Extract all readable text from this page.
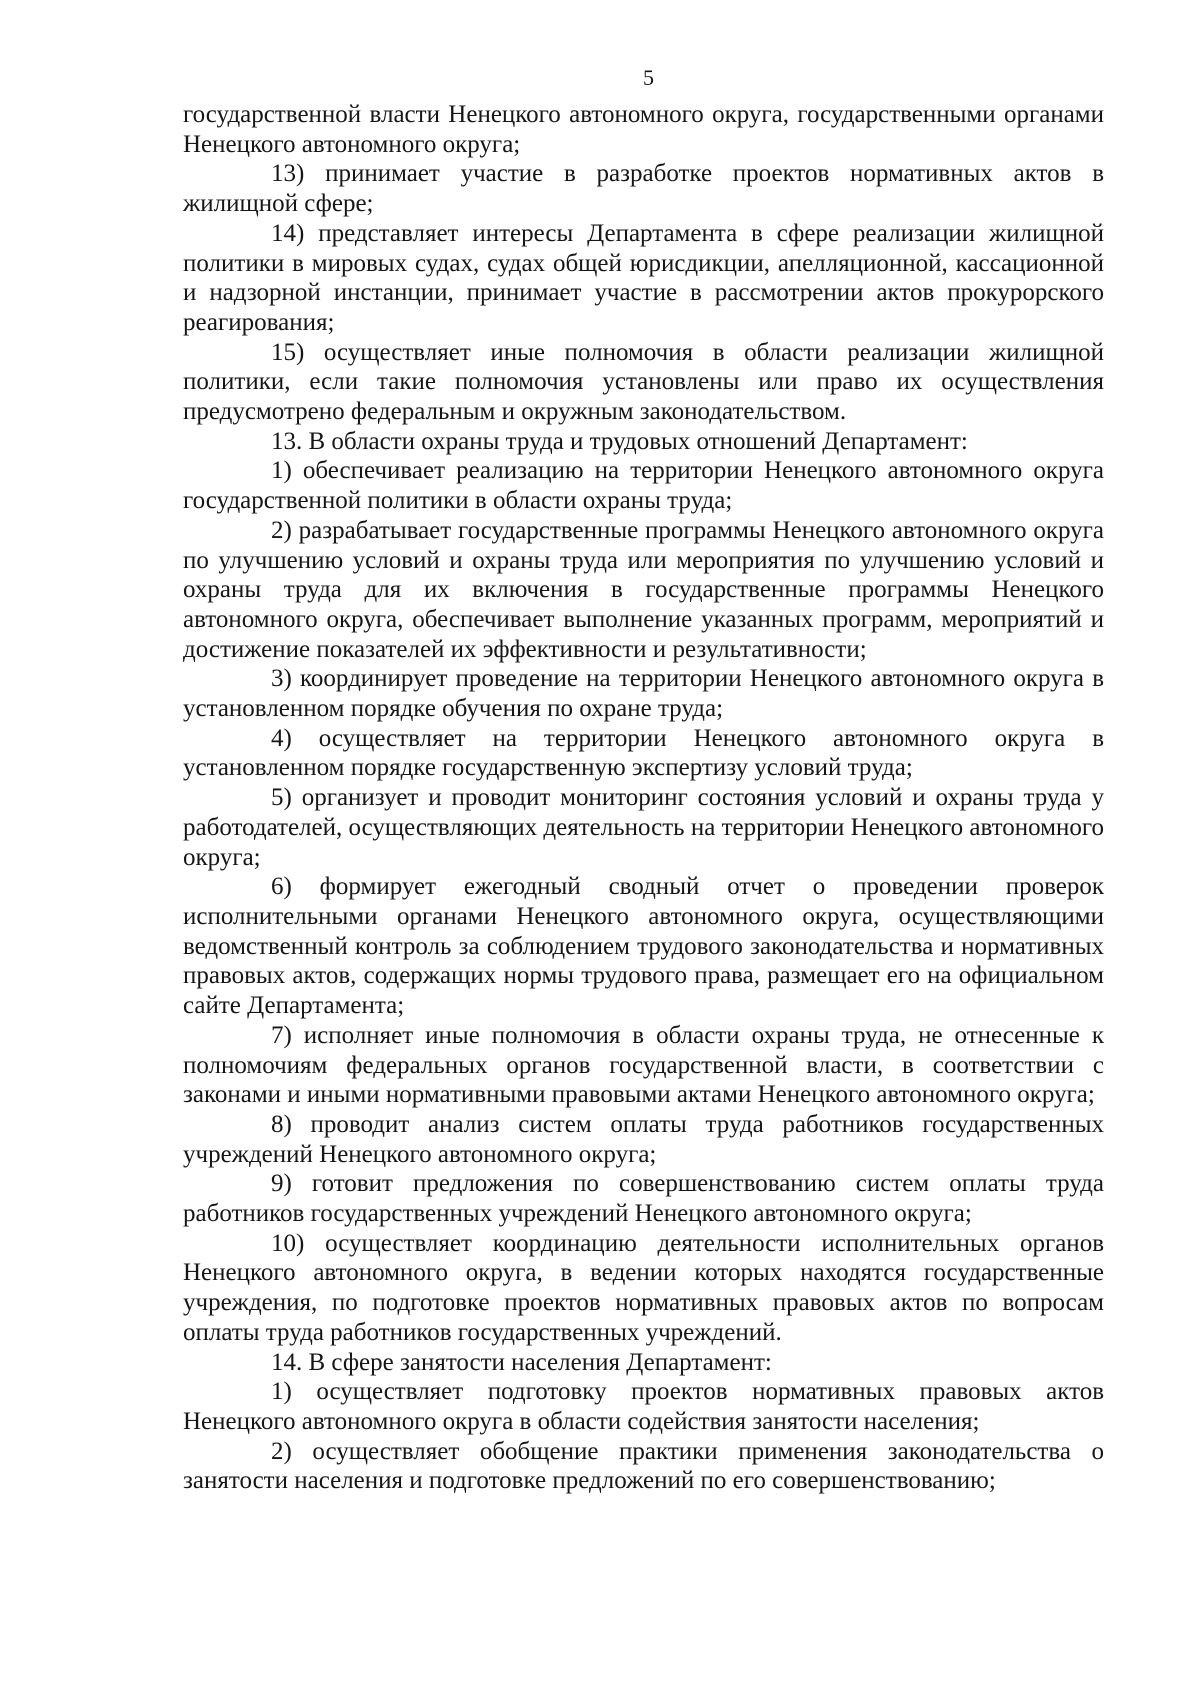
5

государственной власти Ненецкого автономного округа, государственными органами Ненецкого автономного округа;

13) принимает участие в разработке проектов нормативных актов в жилищной сфере;

14) представляет интересы Департамента в сфере реализации жилищной политики в мировых судах, судах общей юрисдикции, апелляционной, кассационной и надзорной инстанции, принимает участие в рассмотрении актов прокурорского реагирования;

15) осуществляет иные полномочия в области реализации жилищной политики, если такие полномочия установлены или право их осуществления предусмотрено федеральным и окружным законодательством.

13. В области охраны труда и трудовых отношений Департамент:

1) обеспечивает реализацию на территории Ненецкого автономного округа государственной политики в области охраны труда;

2) разрабатывает государственные программы Ненецкого автономного округа по улучшению условий и охраны труда или мероприятия по улучшению условий и охраны труда для их включения в государственные программы Ненецкого автономного округа, обеспечивает выполнение указанных программ, мероприятий и достижение показателей их эффективности и результативности;

3) координирует проведение на территории Ненецкого автономного округа в установленном порядке обучения по охране труда;

4) осуществляет на территории Ненецкого автономного округа в установленном порядке государственную экспертизу условий труда;

5) организует и проводит мониторинг состояния условий и охраны труда у работодателей, осуществляющих деятельность на территории Ненецкого автономного округа;

6) формирует ежегодный сводный отчет о проведении проверок исполнительными органами Ненецкого автономного округа, осуществляющими ведомственный контроль за соблюдением трудового законодательства и нормативных правовых актов, содержащих нормы трудового права, размещает его на официальном сайте Департамента;

7) исполняет иные полномочия в области охраны труда, не отнесенные к полномочиям федеральных органов государственной власти, в соответствии с законами и иными нормативными правовыми актами Ненецкого автономного округа;

8) проводит анализ систем оплаты труда работников государственных учреждений Ненецкого автономного округа;

9) готовит предложения по совершенствованию систем оплаты труда работников государственных учреждений Ненецкого автономного округа;

10) осуществляет координацию деятельности исполнительных органов Ненецкого автономного округа, в ведении которых находятся государственные учреждения, по подготовке проектов нормативных правовых актов по вопросам оплаты труда работников государственных учреждений.

14. В сфере занятости населения Департамент:

1) осуществляет подготовку проектов нормативных правовых актов Ненецкого автономного округа в области содействия занятости населения;

2) осуществляет обобщение практики применения законодательства о занятости населения и подготовке предложений по его совершенствованию;
